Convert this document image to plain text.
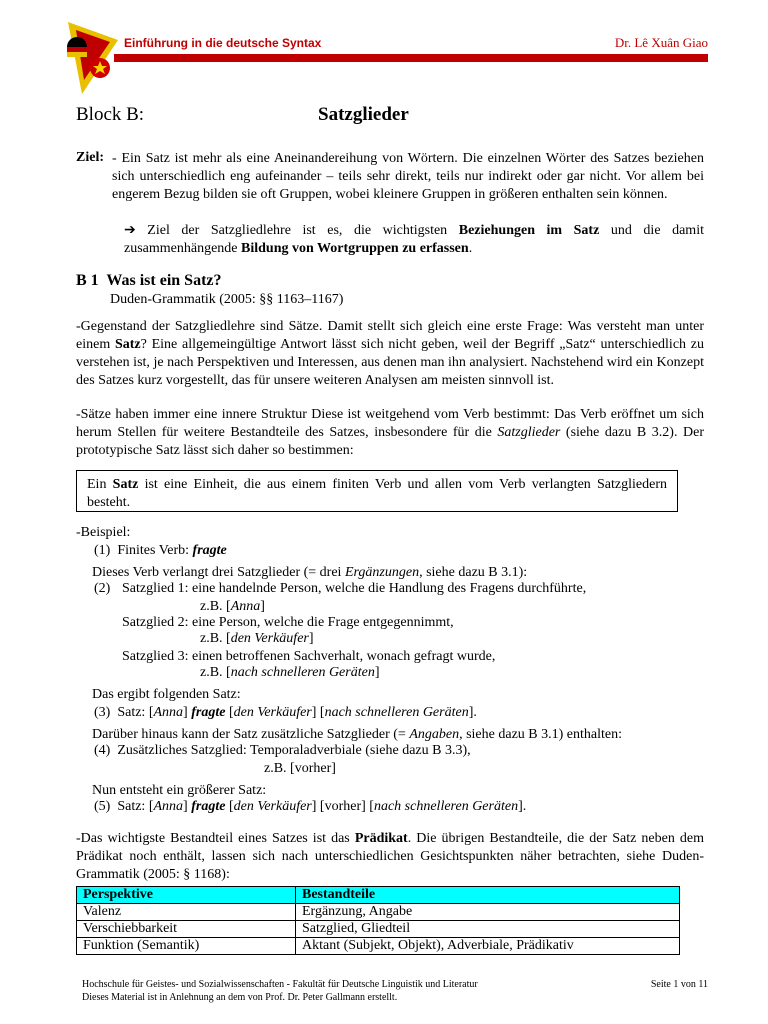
Einführung in die deutsche Syntax	Dr. Lê Xuân Giao
Block B:	Satzglieder
Ziel: - Ein Satz ist mehr als eine Aneinandereihung von Wörtern. Die einzelnen Wörter des Satzes beziehen sich unterschiedlich eng aufeinander – teils sehr direkt, teils nur indirekt oder gar nicht. Vor allem bei engerem Bezug bilden sie oft Gruppen, wobei kleinere Gruppen in größeren enthalten sein können.
➔ Ziel der Satzgliedlehre ist es, die wichtigsten Beziehungen im Satz und die damit zusammenhängende Bildung von Wortgruppen zu erfassen.
B 1  Was ist ein Satz?
Duden-Grammatik (2005: §§ 1163–1167)
-Gegenstand der Satzgliedlehre sind Sätze. Damit stellt sich gleich eine erste Frage: Was versteht man unter einem Satz? Eine allgemeingültige Antwort lässt sich nicht geben, weil der Begriff „Satz“ unterschiedlich zu verstehen ist, je nach Perspektiven und Interessen, aus denen man ihn analysiert. Nachstehend wird ein Konzept des Satzes kurz vorgestellt, das für unsere weiteren Analysen am meisten sinnvoll ist.
-Sätze haben immer eine innere Struktur Diese ist weitgehend vom Verb bestimmt: Das Verb eröffnet um sich herum Stellen für weitere Bestandteile des Satzes, insbesondere für die Satzglieder (siehe dazu B 3.2). Der prototypische Satz lässt sich daher so bestimmen:
Ein Satz ist eine Einheit, die aus einem finiten Verb und allen vom Verb verlangten Satzgliedern besteht.
-Beispiel:
(1) Finites Verb: fragte
Dieses Verb verlangt drei Satzglieder (= drei Ergänzungen, siehe dazu B 3.1):
(2) Satzglied 1: eine handelnde Person, welche die Handlung des Fragens durchführte,
z.B. [Anna]
Satzglied 2: eine Person, welche die Frage entgegennimmt,
z.B. [den Verkäufer]
Satzglied 3: einen betroffenen Sachverhalt, wonach gefragt wurde,
z.B. [nach schnelleren Geräten]
Das ergibt folgenden Satz:
(3) Satz: [Anna] fragte [den Verkäufer] [nach schnelleren Geräten].
Darüber hinaus kann der Satz zusätzliche Satzglieder (= Angaben, siehe dazu B 3.1) enthalten:
(4) Zusätzliches Satzglied: Temporaladverbiale (siehe dazu B 3.3),
z.B. [vorher]
Nun entsteht ein größerer Satz:
(5) Satz: [Anna] fragte [den Verkäufer] [vorher] [nach schnelleren Geräten].
-Das wichtigste Bestandteil eines Satzes ist das Prädikat. Die übrigen Bestandteile, die der Satz neben dem Prädikat noch enthält, lassen sich nach unterschiedlichen Gesichtspunkten näher betrachten, siehe Duden-Grammatik (2005: § 1168):
Perspektive	Bestandteile
Valenz	Ergänzung, Angabe
Verschiebbarkeit	Satzglied, Gliedteil
Funktion (Semantik)	Aktant (Subjekt, Objekt), Adverbiale, Prädikativ
Hochschule für Geistes- und Sozialwissenschaften - Fakultät für Deutsche Linguistik und Literatur
Dieses Material ist in Anlehnung an dem von Prof. Dr. Peter Gallmann erstellt.
Seite 1 von 11
